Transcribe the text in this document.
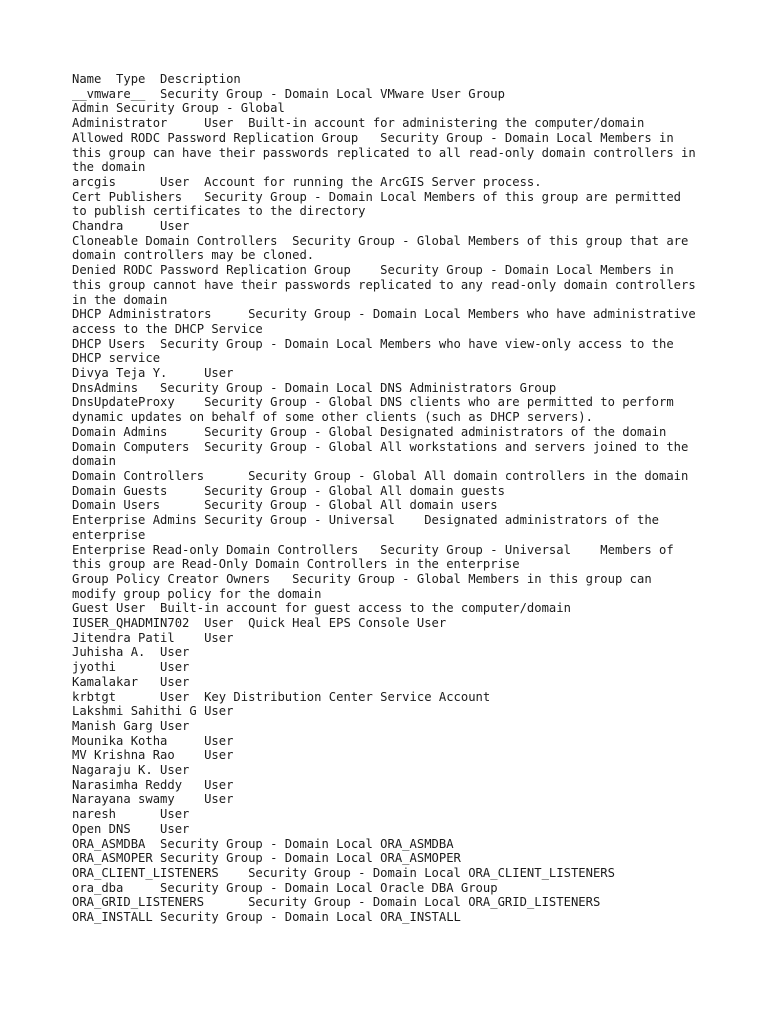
Name  Type  Description
__vmware__  Security Group - Domain Local VMware User Group
Admin Security Group - Global
Administrator     User  Built-in account for administering the computer/domain
Allowed RODC Password Replication Group   Security Group - Domain Local Members in this group can have their passwords replicated to all read-only domain controllers in the domain
arcgis      User  Account for running the ArcGIS Server process.
Cert Publishers   Security Group - Domain Local Members of this group are permitted to publish certificates to the directory
Chandra     User
Cloneable Domain Controllers  Security Group - Global Members of this group that are domain controllers may be cloned.
Denied RODC Password Replication Group    Security Group - Domain Local Members in this group cannot have their passwords replicated to any read-only domain controllers in the domain
DHCP Administrators     Security Group - Domain Local Members who have administrative access to the DHCP Service
DHCP Users  Security Group - Domain Local Members who have view-only access to the DHCP service
Divya Teja Y.     User
DnsAdmins   Security Group - Domain Local DNS Administrators Group
DnsUpdateProxy    Security Group - Global DNS clients who are permitted to perform dynamic updates on behalf of some other clients (such as DHCP servers).
Domain Admins     Security Group - Global Designated administrators of the domain
Domain Computers  Security Group - Global All workstations and servers joined to the domain
Domain Controllers      Security Group - Global All domain controllers in the domain
Domain Guests     Security Group - Global All domain guests
Domain Users      Security Group - Global All domain users
Enterprise Admins Security Group - Universal    Designated administrators of the enterprise
Enterprise Read-only Domain Controllers   Security Group - Universal    Members of this group are Read-Only Domain Controllers in the enterprise
Group Policy Creator Owners   Security Group - Global Members in this group can modify group policy for the domain
Guest User  Built-in account for guest access to the computer/domain
IUSER_QHADMIN702  User  Quick Heal EPS Console User
Jitendra Patil    User
Juhisha A.  User
jyothi      User
Kamalakar   User
krbtgt      User  Key Distribution Center Service Account
Lakshmi Sahithi G User
Manish Garg User
Mounika Kotha     User
MV Krishna Rao    User
Nagaraju K. User
Narasimha Reddy   User
Narayana swamy    User
naresh      User
Open DNS    User
ORA_ASMDBA  Security Group - Domain Local ORA_ASMDBA
ORA_ASMOPER Security Group - Domain Local ORA_ASMOPER
ORA_CLIENT_LISTENERS    Security Group - Domain Local ORA_CLIENT_LISTENERS
ora_dba     Security Group - Domain Local Oracle DBA Group
ORA_GRID_LISTENERS      Security Group - Domain Local ORA_GRID_LISTENERS
ORA_INSTALL Security Group - Domain Local ORA_INSTALL
